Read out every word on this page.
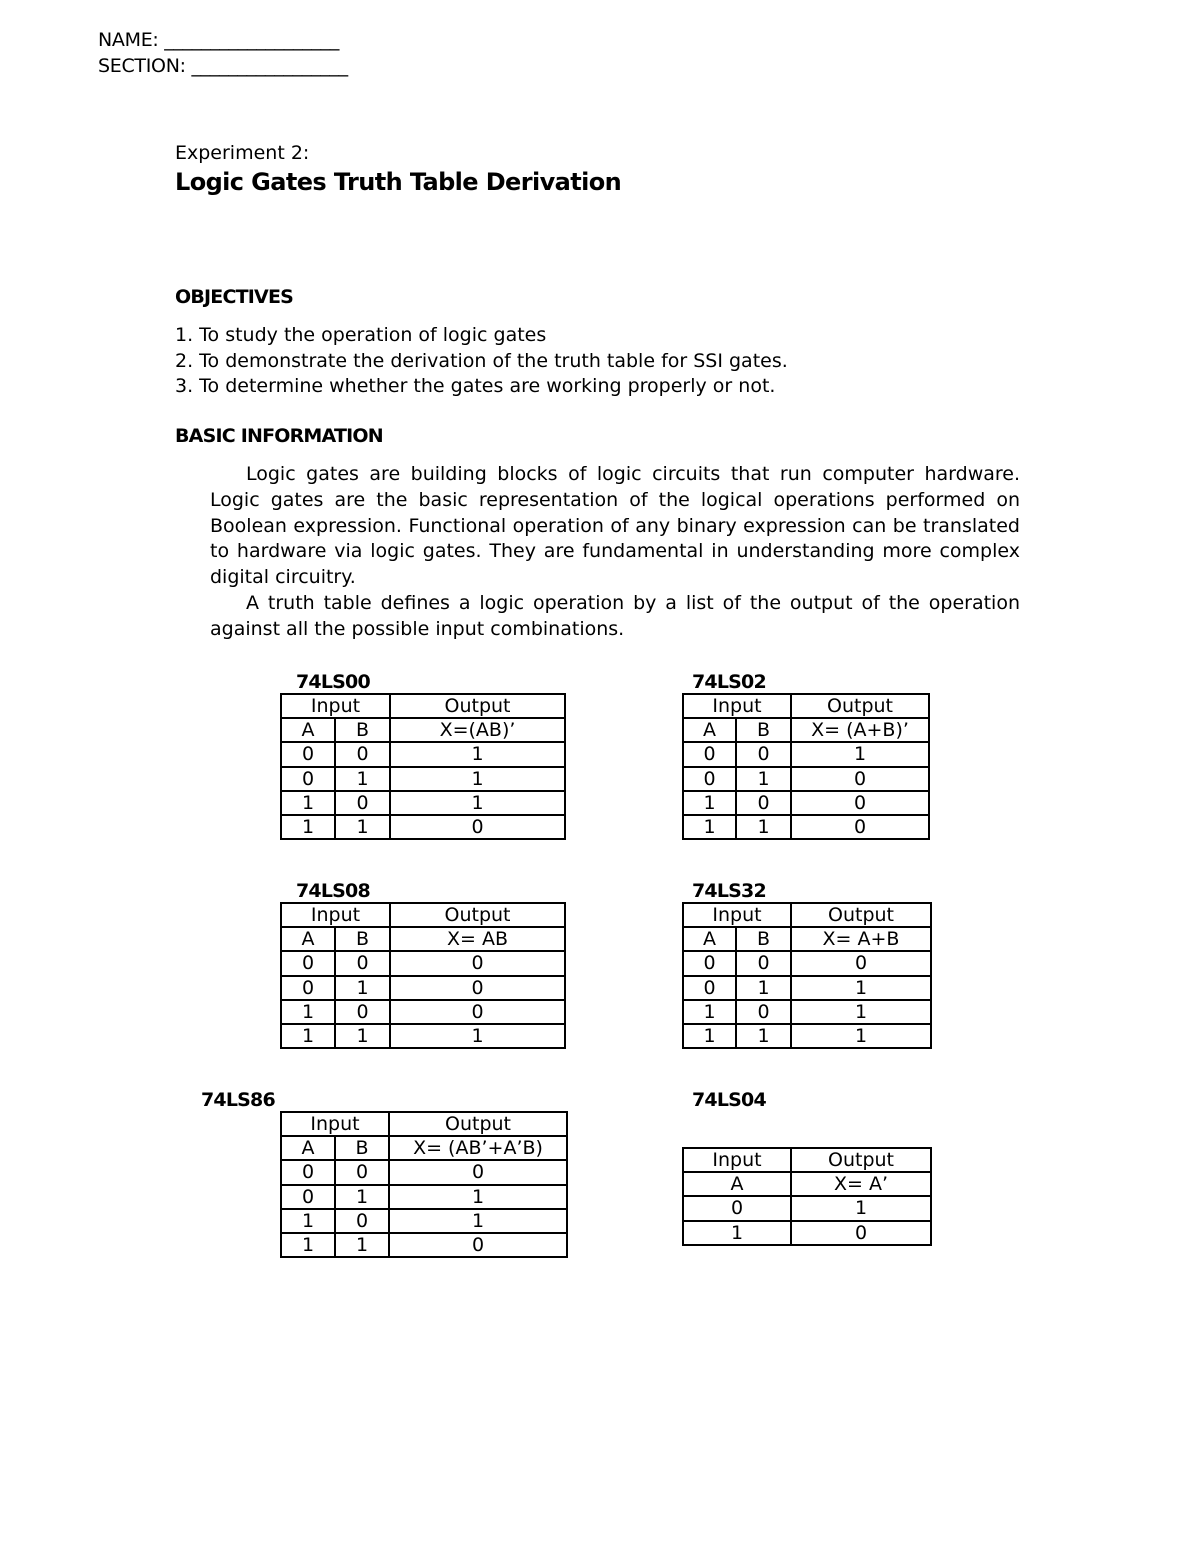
NAME: ___________________
SECTION: _________________
Experiment 2:
Logic Gates Truth Table Derivation
OBJECTIVES
1. To study the operation of logic gates
2. To demonstrate the derivation of the truth table for SSI gates.
3. To determine whether the gates are working properly or not.
BASIC INFORMATION

Logic gates are building blocks of logic circuits that run computer hardware. Logic gates are the basic representation of the logical operations performed on Boolean expression. Functional operation of any binary expression can be translated to hardware via logic gates. They are fundamental in understanding more complex digital circuitry.

A truth table defines a logic operation by a list of the output of the operation against all the possible input combinations.

74LS00
Input		Output
A	B	X=(AB)’
0	0	1
0	1	1
1	0	1
1	1	0
74LS02
Input		Output
A	B	X= (A+B)’
0	0	1
0	1	0
1	0	0
1	1	0
74LS08
Input		Output
A	B	X= AB
0	0	0
0	1	0
1	0	0
1	1	1
74LS32
Input		Output
A	B	X= A+B
0	0	0
0	1	1
1	0	1
1	1	1
74LS86
Input		Output
A	B	X= (AB’+A’B)
0	0	0
0	1	1
1	0	1
1	1	0
74LS04
Input	Output
A	X= A’
0	1
1	0
